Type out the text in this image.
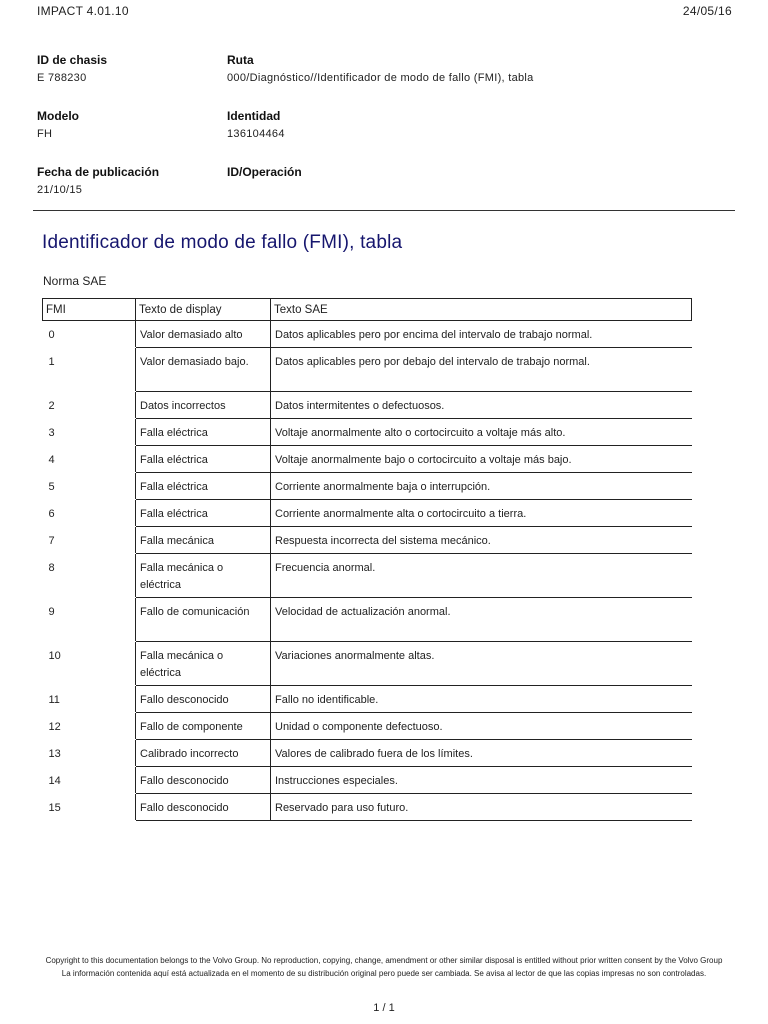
IMPACT 4.01.10	24/05/16
ID de chasis
E 788230
Ruta
000/Diagnóstico//Identificador de modo de fallo (FMI), tabla
Modelo
FH
Identidad
136104464
Fecha de publicación
21/10/15
ID/Operación
Identificador de modo de fallo (FMI), tabla
Norma SAE
FMI	Texto de display	Texto SAE
0	Valor demasiado alto	Datos aplicables pero por encima del intervalo de trabajo normal.
1	Valor demasiado bajo.	Datos aplicables pero por debajo del intervalo de trabajo normal.
2	Datos incorrectos	Datos intermitentes o defectuosos.
3	Falla eléctrica	Voltaje anormalmente alto o cortocircuito a voltaje más alto.
4	Falla eléctrica	Voltaje anormalmente bajo o cortocircuito a voltaje más bajo.
5	Falla eléctrica	Corriente anormalmente baja o interrupción.
6	Falla eléctrica	Corriente anormalmente alta o cortocircuito a tierra.
7	Falla mecánica	Respuesta incorrecta del sistema mecánico.
8	Falla mecánica o eléctrica	Frecuencia anormal.
9	Fallo de comunicación	Velocidad de actualización anormal.
10	Falla mecánica o eléctrica	Variaciones anormalmente altas.
11	Fallo desconocido	Fallo no identificable.
12	Fallo de componente	Unidad o componente defectuoso.
13	Calibrado incorrecto	Valores de calibrado fuera de los límites.
14	Fallo desconocido	Instrucciones especiales.
15	Fallo desconocido	Reservado para uso futuro.
Copyright to this documentation belongs to the Volvo Group. No reproduction, copying, change, amendment or other similar disposal is entitled without prior written consent by the Volvo Group
La información contenida aquí está actualizada en el momento de su distribución original pero puede ser cambiada. Se avisa al lector de que las copias impresas no son controladas.
1 / 1
